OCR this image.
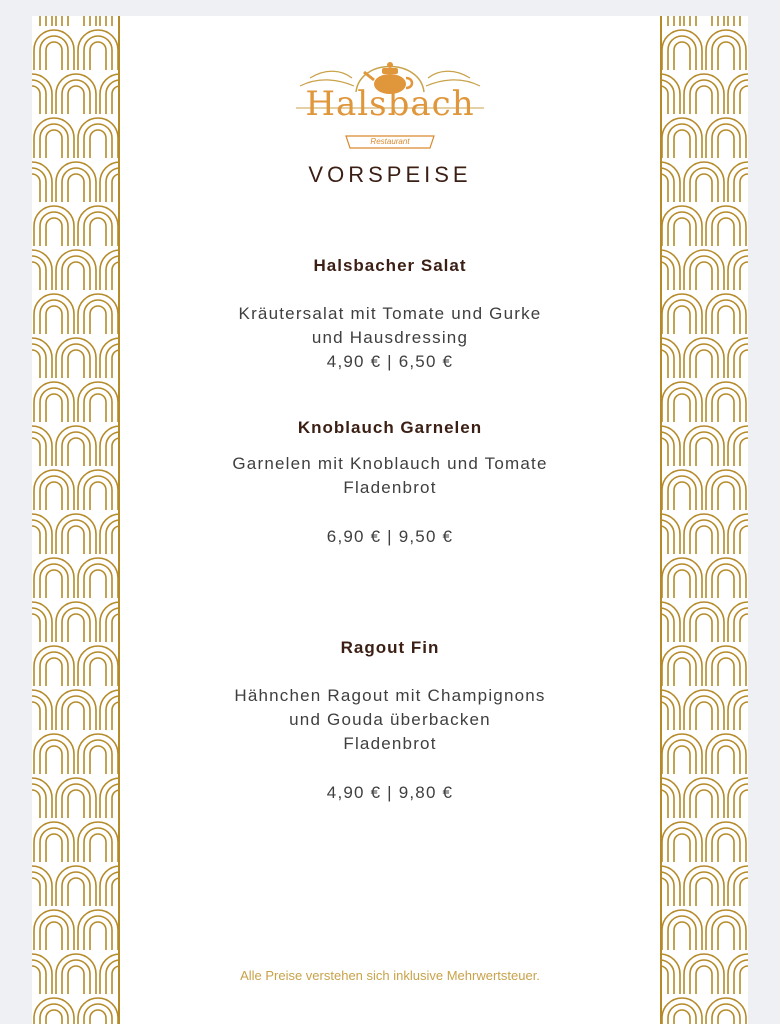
Halsbach
Restaurant
VORSPEISE
Halsbacher Salat
Kräutersalat mit Tomate und Gurke
und Hausdressing
4,90 € | 6,50 €
Knoblauch Garnelen
Garnelen mit Knoblauch und Tomate
Fladenbrot
6,90 € | 9,50 €
Ragout Fin
Hähnchen Ragout mit Champignons
und Gouda überbacken
Fladenbrot
4,90 € | 9,80 €
Alle Preise verstehen sich inklusive Mehrwertsteuer.
